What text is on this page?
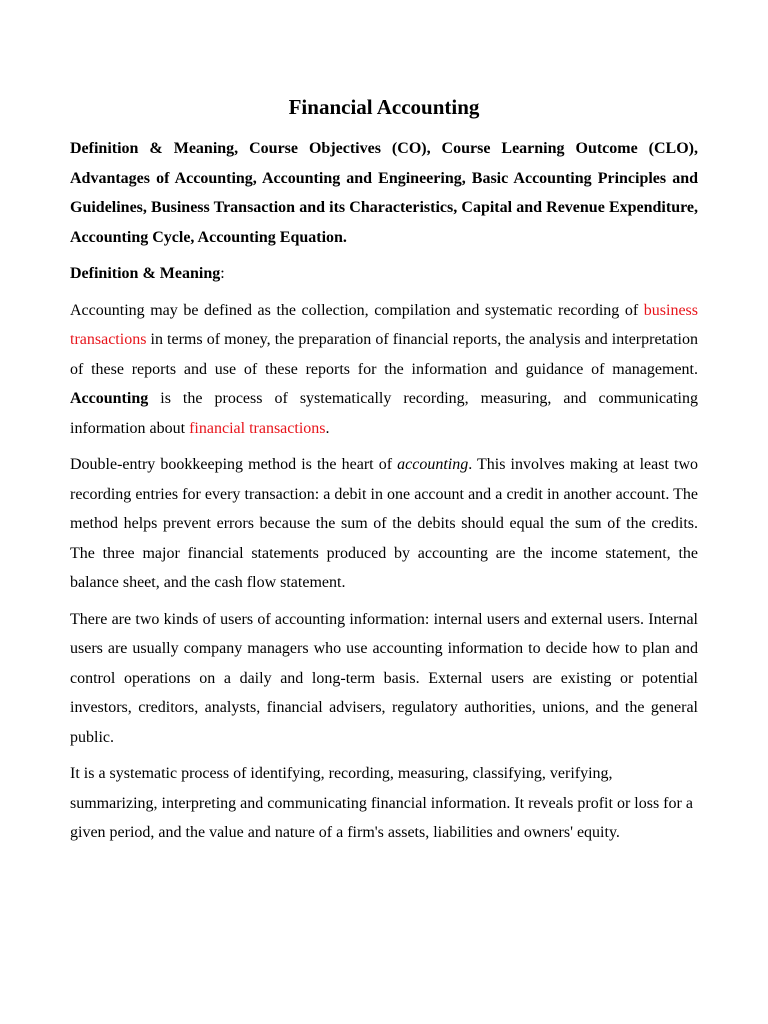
Financial Accounting
Definition & Meaning, Course Objectives (CO), Course Learning Outcome (CLO), Advantages of Accounting, Accounting and Engineering, Basic Accounting Principles and Guidelines, Business Transaction and its Characteristics, Capital and Revenue Expenditure, Accounting Cycle, Accounting Equation.
Definition & Meaning:

Accounting may be defined as the collection, compilation and systematic recording of business transactions in terms of money, the preparation of financial reports, the analysis and interpretation of these reports and use of these reports for the information and guidance of management. Accounting is the process of systematically recording, measuring, and communicating information about financial transactions.

Double-entry bookkeeping method is the heart of accounting. This involves making at least two recording entries for every transaction: a debit in one account and a credit in another account. The method helps prevent errors because the sum of the debits should equal the sum of the credits. The three major financial statements produced by accounting are the income statement, the balance sheet, and the cash flow statement.

There are two kinds of users of accounting information: internal users and external users. Internal users are usually company managers who use accounting information to decide how to plan and control operations on a daily and long-term basis. External users are existing or potential investors, creditors, analysts, financial advisers, regulatory authorities, unions, and the general public.

It is a systematic process of identifying, recording, measuring, classifying, verifying, summarizing, interpreting and communicating financial information. It reveals profit or loss for a given period, and the value and nature of a firm's assets, liabilities and owners' equity.
